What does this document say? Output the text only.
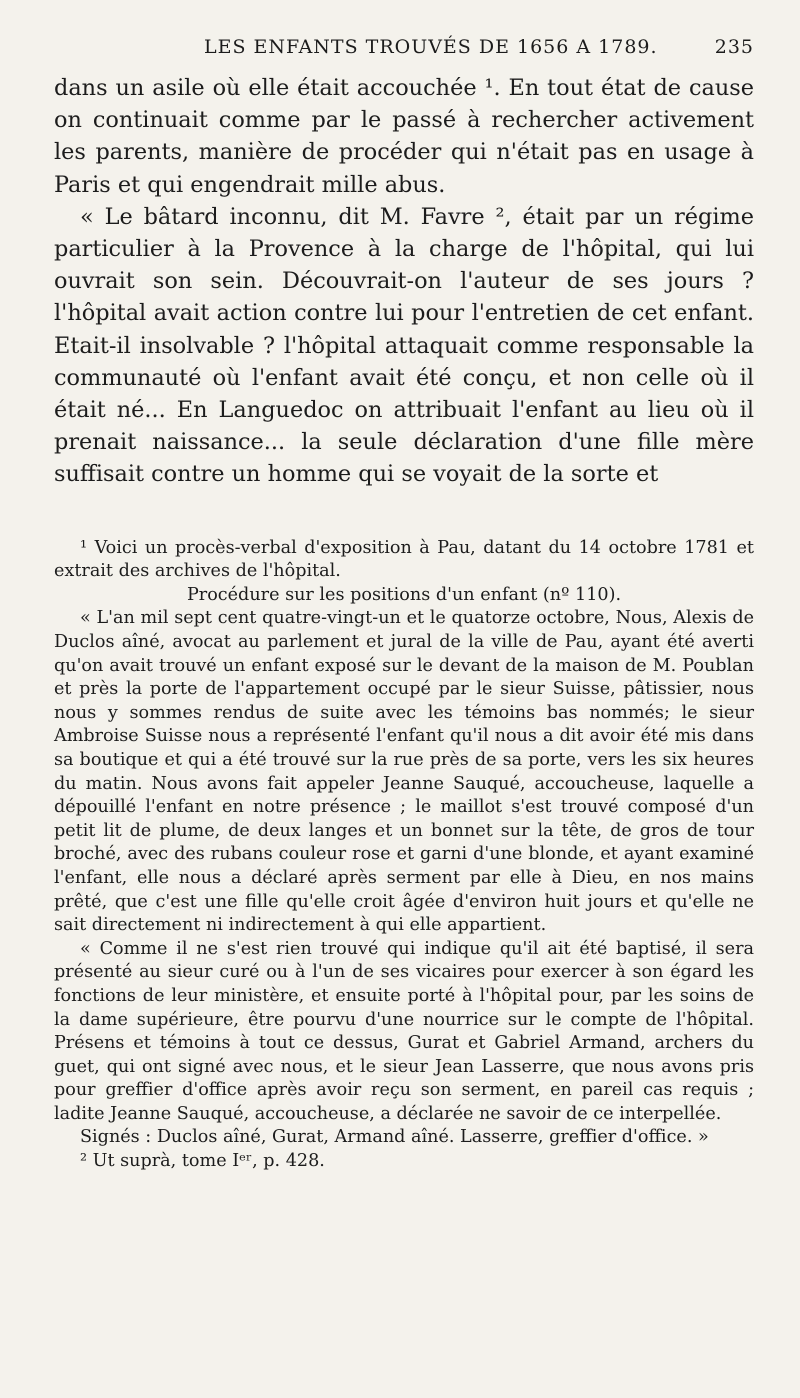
LES ENFANTS TROUVÉS DE 1656 A 1789.	235

dans un asile où elle était accouchée ¹. En tout état de cause on continuait comme par le passé à rechercher activement les parents, manière de procéder qui n'était pas en usage à Paris et qui engendrait mille abus.

« Le bâtard inconnu, dit M. Favre ², était par un régime particulier à la Provence à la charge de l'hôpital, qui lui ouvrait son sein. Découvrait-on l'auteur de ses jours ? l'hôpital avait action contre lui pour l'entretien de cet enfant. Etait-il insolvable ? l'hôpital attaquait comme responsable la communauté où l'enfant avait été conçu, et non celle où il était né... En Languedoc on attribuait l'enfant au lieu où il prenait naissance... la seule déclaration d'une fille mère suffisait contre un homme qui se voyait de la sorte et

¹ Voici un procès-verbal d'exposition à Pau, datant du 14 octobre 1781 et extrait des archives de l'hôpital.

Procédure sur les positions d'un enfant (nº 110).

« L'an mil sept cent quatre-vingt-un et le quatorze octobre, Nous, Alexis de Duclos aîné, avocat au parlement et jural de la ville de Pau, ayant été averti qu'on avait trouvé un enfant exposé sur le devant de la maison de M. Poublan et près la porte de l'appartement occupé par le sieur Suisse, pâtissier, nous nous y sommes rendus de suite avec les témoins bas nommés; le sieur Ambroise Suisse nous a représenté l'enfant qu'il nous a dit avoir été mis dans sa boutique et qui a été trouvé sur la rue près de sa porte, vers les six heures du matin. Nous avons fait appeler Jeanne Sauqué, accoucheuse, laquelle a dépouillé l'enfant en notre présence ; le maillot s'est trouvé composé d'un petit lit de plume, de deux langes et un bonnet sur la tête, de gros de tour broché, avec des rubans couleur rose et garni d'une blonde, et ayant examiné l'enfant, elle nous a déclaré après serment par elle à Dieu, en nos mains prêté, que c'est une fille qu'elle croit âgée d'environ huit jours et qu'elle ne sait directement ni indirectement à qui elle appartient.

« Comme il ne s'est rien trouvé qui indique qu'il ait été baptisé, il sera présenté au sieur curé ou à l'un de ses vicaires pour exercer à son égard les fonctions de leur ministère, et ensuite porté à l'hôpital pour, par les soins de la dame supérieure, être pourvu d'une nourrice sur le compte de l'hôpital. Présens et témoins à tout ce dessus, Gurat et Gabriel Armand, archers du guet, qui ont signé avec nous, et le sieur Jean Lasserre, que nous avons pris pour greffier d'office après avoir reçu son serment, en pareil cas requis ; ladite Jeanne Sauqué, accoucheuse, a déclarée ne savoir de ce interpellée.

Signés : Duclos aîné, Gurat, Armand aîné. Lasserre, greffier d'office. »

² Ut suprà, tome Iᵉʳ, p. 428.
